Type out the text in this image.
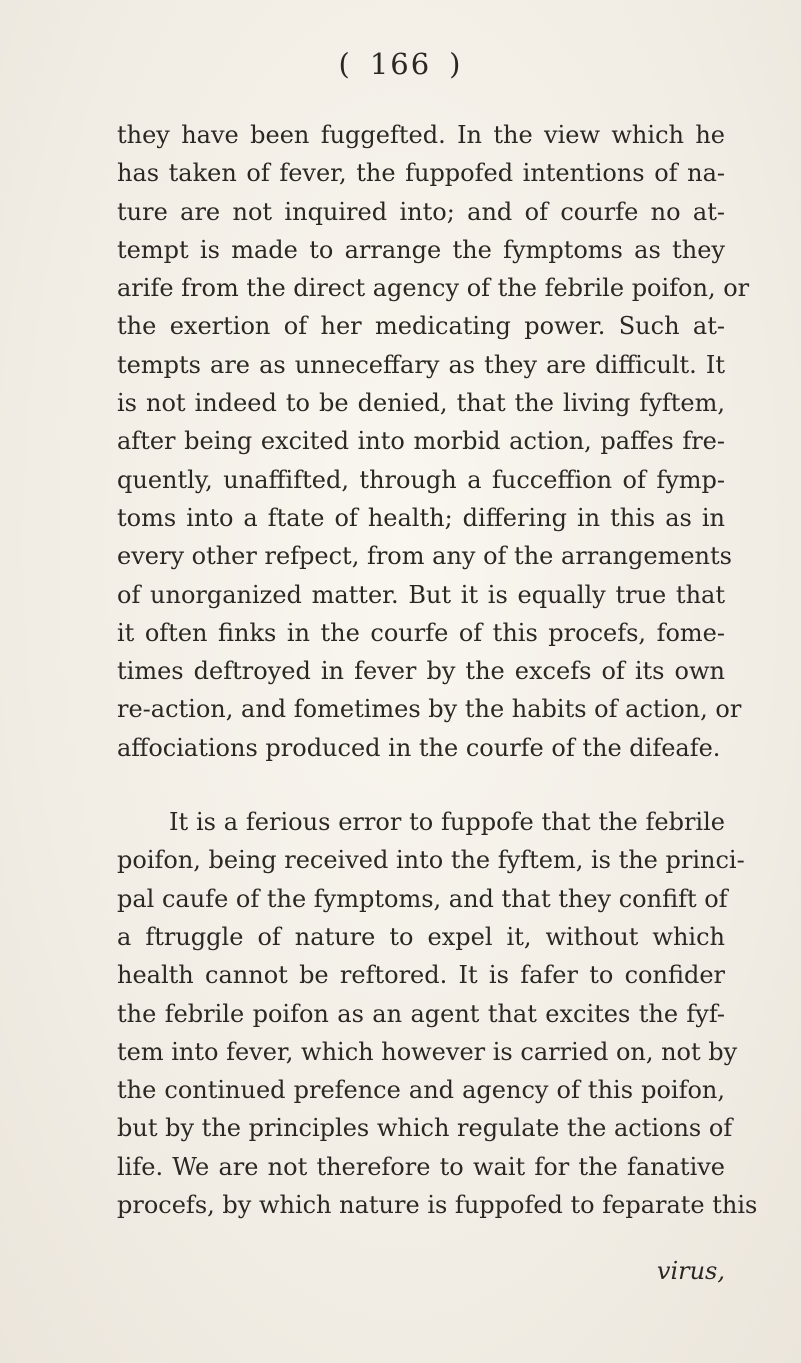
( 166 )
they have been fuggefted. In the view which he
has taken of fever, the fuppofed intentions of na-
ture are not inquired into; and of courfe no at-
tempt is made to arrange the fymptoms as they
arife from the direct agency of the febrile poifon, or
the exertion of her medicating power. Such at-
tempts are as unneceffary as they are difficult. It
is not indeed to be denied, that the living fyftem,
after being excited into morbid action, paffes fre-
quently, unaffifted, through a fucceffion of fymp-
toms into a ftate of health; differing in this as in
every other refpect, from any of the arrangements
of unorganized matter. But it is equally true that
it often finks in the courfe of this procefs, fome-
times deftroyed in fever by the excefs of its own
re-action, and fometimes by the habits of action, or
affociations produced in the courfe of the difeafe.
It is a ferious error to fuppofe that the febrile
poifon, being received into the fyftem, is the princi-
pal caufe of the fymptoms, and that they confift of
a ftruggle of nature to expel it, without which
health cannot be reftored. It is fafer to confider
the febrile poifon as an agent that excites the fyf-
tem into fever, which however is carried on, not by
the continued prefence and agency of this poifon,
but by the principles which regulate the actions of
life. We are not therefore to wait for the fanative
procefs, by which nature is fuppofed to feparate this
virus,
